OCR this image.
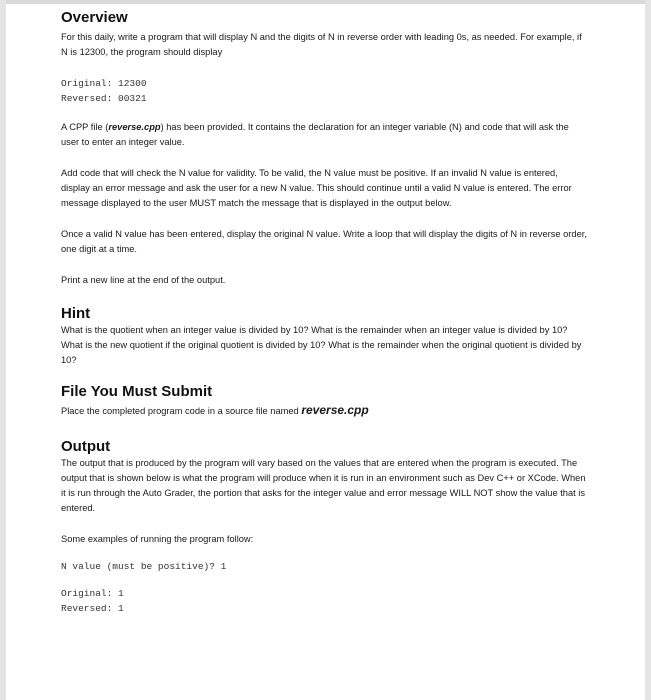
Overview

For this daily, write a program that will display N and the digits of N in reverse order with leading 0s, as needed. For example, if N is 12300, the program should display

Original: 12300
Reversed: 00321

A CPP file (reverse.cpp) has been provided. It contains the declaration for an integer variable (N) and code that will ask the user to enter an integer value.

Add code that will check the N value for validity. To be valid, the N value must be positive. If an invalid N value is entered, display an error message and ask the user for a new N value. This should continue until a valid N value is entered. The error message displayed to the user MUST match the message that is displayed in the output below.

Once a valid N value has been entered, display the original N value. Write a loop that will display the digits of N in reverse order, one digit at a time.

Print a new line at the end of the output.

Hint

What is the quotient when an integer value is divided by 10? What is the remainder when an integer value is divided by 10? What is the new quotient if the original quotient is divided by 10? What is the remainder when the original quotient is divided by 10?

File You Must Submit

Place the completed program code in a source file named reverse.cpp

Output

The output that is produced by the program will vary based on the values that are entered when the program is executed. The output that is shown below is what the program will produce when it is run in an environment such as Dev C++ or XCode. When it is run through the Auto Grader, the portion that asks for the integer value and error message WILL NOT show the value that is entered.

Some examples of running the program follow:

N value (must be positive)? 1
Original: 1
Reversed: 1
